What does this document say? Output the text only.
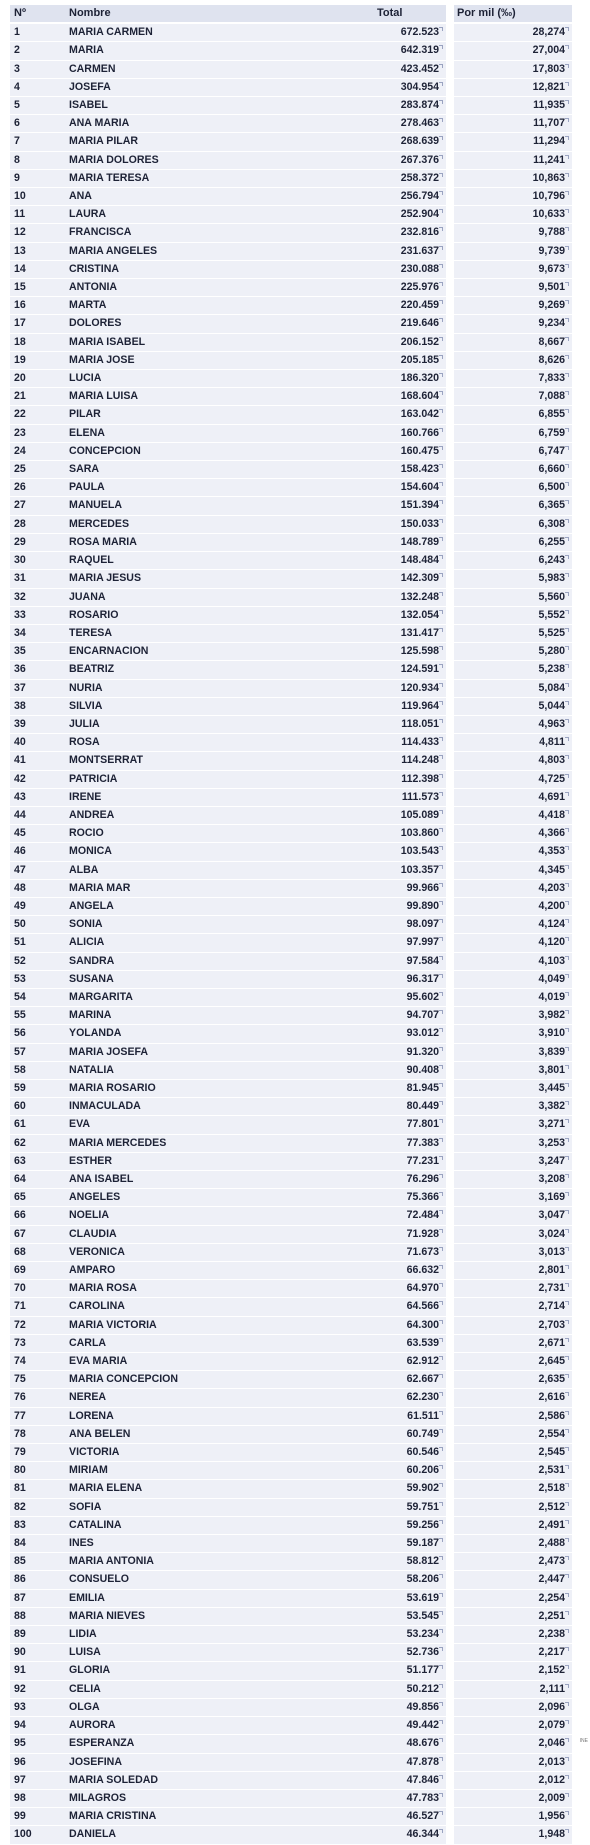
Nº	Nombre	Total		Por mil (‰)
1	MARIA CARMEN	672.523		28,274
2	MARIA	642.319		27,004
3	CARMEN	423.452		17,803
4	JOSEFA	304.954		12,821
5	ISABEL	283.874		11,935
6	ANA MARIA	278.463		11,707
7	MARIA PILAR	268.639		11,294
8	MARIA DOLORES	267.376		11,241
9	MARIA TERESA	258.372		10,863
10	ANA	256.794		10,796
11	LAURA	252.904		10,633
12	FRANCISCA	232.816		9,788
13	MARIA ANGELES	231.637		9,739
14	CRISTINA	230.088		9,673
15	ANTONIA	225.976		9,501
16	MARTA	220.459		9,269
17	DOLORES	219.646		9,234
18	MARIA ISABEL	206.152		8,667
19	MARIA JOSE	205.185		8,626
20	LUCIA	186.320		7,833
21	MARIA LUISA	168.604		7,088
22	PILAR	163.042		6,855
23	ELENA	160.766		6,759
24	CONCEPCION	160.475		6,747
25	SARA	158.423		6,660
26	PAULA	154.604		6,500
27	MANUELA	151.394		6,365
28	MERCEDES	150.033		6,308
29	ROSA MARIA	148.789		6,255
30	RAQUEL	148.484		6,243
31	MARIA JESUS	142.309		5,983
32	JUANA	132.248		5,560
33	ROSARIO	132.054		5,552
34	TERESA	131.417		5,525
35	ENCARNACION	125.598		5,280
36	BEATRIZ	124.591		5,238
37	NURIA	120.934		5,084
38	SILVIA	119.964		5,044
39	JULIA	118.051		4,963
40	ROSA	114.433		4,811
41	MONTSERRAT	114.248		4,803
42	PATRICIA	112.398		4,725
43	IRENE	111.573		4,691
44	ANDREA	105.089		4,418
45	ROCIO	103.860		4,366
46	MONICA	103.543		4,353
47	ALBA	103.357		4,345
48	MARIA MAR	99.966		4,203
49	ANGELA	99.890		4,200
50	SONIA	98.097		4,124
51	ALICIA	97.997		4,120
52	SANDRA	97.584		4,103
53	SUSANA	96.317		4,049
54	MARGARITA	95.602		4,019
55	MARINA	94.707		3,982
56	YOLANDA	93.012		3,910
57	MARIA JOSEFA	91.320		3,839
58	NATALIA	90.408		3,801
59	MARIA ROSARIO	81.945		3,445
60	INMACULADA	80.449		3,382
61	EVA	77.801		3,271
62	MARIA MERCEDES	77.383		3,253
63	ESTHER	77.231		3,247
64	ANA ISABEL	76.296		3,208
65	ANGELES	75.366		3,169
66	NOELIA	72.484		3,047
67	CLAUDIA	71.928		3,024
68	VERONICA	71.673		3,013
69	AMPARO	66.632		2,801
70	MARIA ROSA	64.970		2,731
71	CAROLINA	64.566		2,714
72	MARIA VICTORIA	64.300		2,703
73	CARLA	63.539		2,671
74	EVA MARIA	62.912		2,645
75	MARIA CONCEPCION	62.667		2,635
76	NEREA	62.230		2,616
77	LORENA	61.511		2,586
78	ANA BELEN	60.749		2,554
79	VICTORIA	60.546		2,545
80	MIRIAM	60.206		2,531
81	MARIA ELENA	59.902		2,518
82	SOFIA	59.751		2,512
83	CATALINA	59.256		2,491
84	INES	59.187		2,488
85	MARIA ANTONIA	58.812		2,473
86	CONSUELO	58.206		2,447
87	EMILIA	53.619		2,254
88	MARIA NIEVES	53.545		2,251
89	LIDIA	53.234		2,238
90	LUISA	52.736		2,217
91	GLORIA	51.177		2,152
92	CELIA	50.212		2,111
93	OLGA	49.856		2,096
94	AURORA	49.442		2,079
95	ESPERANZA	48.676		2,046
96	JOSEFINA	47.878		2,013
97	MARIA SOLEDAD	47.846		2,012
98	MILAGROS	47.783		2,009
99	MARIA CRISTINA	46.527		1,956
100	DANIELA	46.344		1,948
INE
